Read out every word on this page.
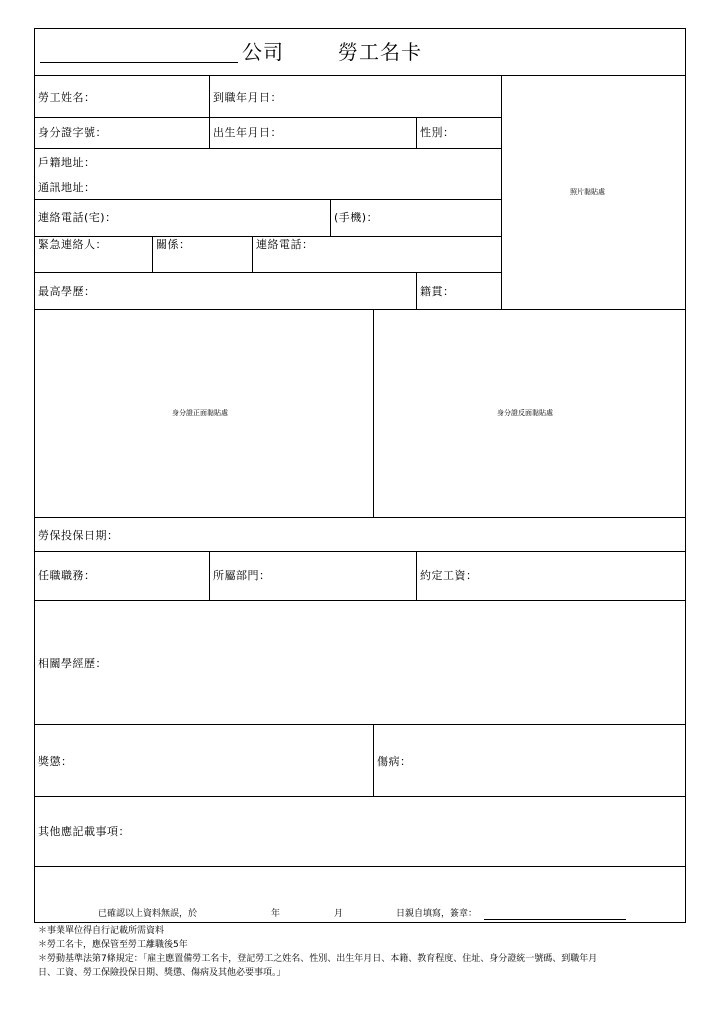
公司	勞工名卡
勞工姓名：	到職年月日：
身分證字號：	出生年月日：	性別：
戶籍地址：
通訊地址：
連絡電話(宅)：	(手機)：
緊急連絡人：	關係：	連絡電話：
最高學歷：	籍貫：
照片黏貼處
身分證正面黏貼處	身分證反面黏貼處
勞保投保日期：
任職職務：	所屬部門：	約定工資：
相關學經歷：
獎懲：	傷病：
其他應記載事項：
已確認以上資料無誤，於	年	月	日親自填寫，簽章：
＊事業單位得自行記載所需資料
＊勞工名卡，應保管至勞工離職後5年
＊勞動基準法第7條規定：「雇主應置備勞工名卡，登記勞工之姓名、性別、出生年月日、本籍、教育程度、住址、身分證統一號碼、到職年月
日、工資、勞工保險投保日期、獎懲、傷病及其他必要事項。」
